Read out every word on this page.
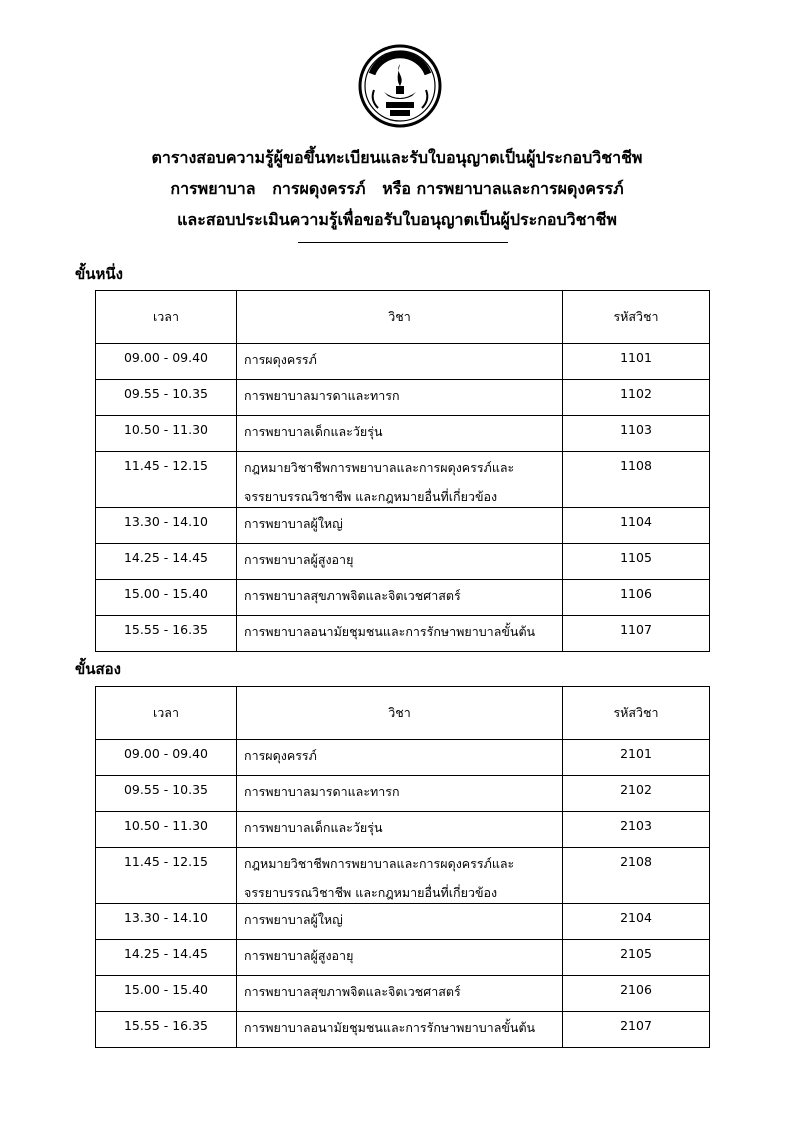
ตารางสอบความรู้ผู้ขอขึ้นทะเบียนและรับใบอนุญาตเป็นผู้ประกอบวิชาชีพ
การพยาบาล   การผดุงครรภ์   หรือ การพยาบาลและการผดุงครรภ์
และสอบประเมินความรู้เพื่อขอรับใบอนุญาตเป็นผู้ประกอบวิชาชีพ
ขั้นหนึ่ง
เวลา	วิชา	รหัสวิชา
09.00 - 09.40	การผดุงครรภ์	1101
09.55 - 10.35	การพยาบาลมารดาและทารก	1102
10.50 - 11.30	การพยาบาลเด็กและวัยรุ่น	1103
11.45 - 12.15	กฎหมายวิชาชีพการพยาบาลและการผดุงครรภ์และ
จรรยาบรรณวิชาชีพ และกฎหมายอื่นที่เกี่ยวข้อง	1108
13.30 - 14.10	การพยาบาลผู้ใหญ่	1104
14.25 - 14.45	การพยาบาลผู้สูงอายุ	1105
15.00 - 15.40	การพยาบาลสุขภาพจิตและจิตเวชศาสตร์	1106
15.55 - 16.35	การพยาบาลอนามัยชุมชนและการรักษาพยาบาลขั้นต้น	1107
ขั้นสอง
เวลา	วิชา	รหัสวิชา
09.00 - 09.40	การผดุงครรภ์	2101
09.55 - 10.35	การพยาบาลมารดาและทารก	2102
10.50 - 11.30	การพยาบาลเด็กและวัยรุ่น	2103
11.45 - 12.15	กฎหมายวิชาชีพการพยาบาลและการผดุงครรภ์และ
จรรยาบรรณวิชาชีพ และกฎหมายอื่นที่เกี่ยวข้อง	2108
13.30 - 14.10	การพยาบาลผู้ใหญ่	2104
14.25 - 14.45	การพยาบาลผู้สูงอายุ	2105
15.00 - 15.40	การพยาบาลสุขภาพจิตและจิตเวชศาสตร์	2106
15.55 - 16.35	การพยาบาลอนามัยชุมชนและการรักษาพยาบาลขั้นต้น	2107
